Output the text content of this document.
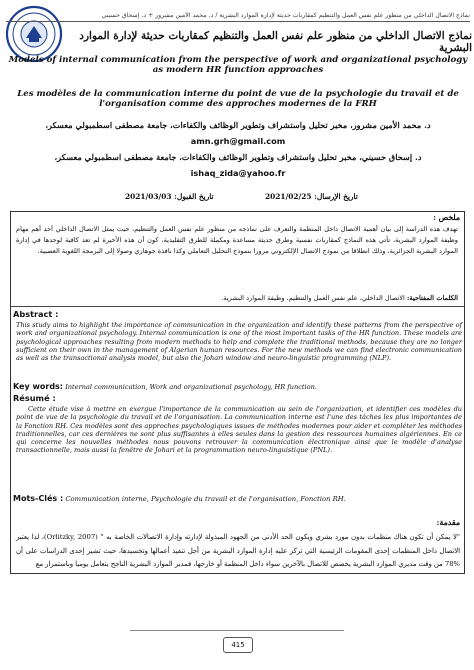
نماذج الاتصال الداخلي من منظور علم نفس العمل والتنظيم كمقاربات حديثة لإدارة الموارد البشرية / د. محمد الأمين مشرور + د. إسحاق حسيني
نماذج الاتصال الداخلي من منظور علم نفس العمل والتنظيم كمقاربات حديثة لإدارة الموارد البشرية
Models of internal communication from the perspective of work and organizational psychology as modern HR function approaches
Les modèles de la communication interne du point de vue de la psychologie du travail et de l'organisation comme des approches modernes de la FRH
د. محمد الأمين مشرور، مخبر تحليل واستشراف وتطوير الوظائف والكفاءات، جامعة مصطفى اسطمبولي معسكر،
amn.grh@gmail.com
د. إسحاق حسيني، مخبر تحليل واستشراف وتطوير الوظائف والكفاءات، جامعة مصطفى اسطمبولي معسكر،
ishaq_zida@yahoo.fr
تاريخ القبول: 2021/03/03	تاريخ الإرسال: 2021/02/25
ملخص :
تهدف هذه الدراسة إلى بيان أهمية الاتصال داخل المنظمة والتعرف على نماذجه من منظور علم نفس العمل والتنظيم، حيث يمثل الاتصال الداخلي أحد أهم مهام وظيفة الموارد البشرية، تأتي هذه النماذج كمقاربات نفسية وطرق حديثة مساعدة ومكملة للطرق التقليدية، كون أن هذه الأخيرة لم تعد كافية لوحدها في إدارة الموارد البشرية الجزائرية، وذلك انطلاقا من نموذج الاتصال الإلكتروني مرورا بنموذج التحليل التعاملي وكذا نافذة جوهاري وصولا إلى البرمجة اللغوية العصبية.
الكلمات المفتاحية: الاتصال الداخلي، علم نفس العمل والتنظيم، وظيفة الموارد البشرية.
Abstract :
This study aims to highlight the importance of communication in the organization and identify these patterns from the perspective of work and organizational psychology. Internal communication is one of the most important tasks of the HR function. These models are psychological approaches resulting from modern methods to help and complete the traditional methods, because they are no longer sufficient on their own in the management of Algerian human resources. For the new methods we can find electronic communication as well as the transactional analysis model, but also the Johari window and neuro-linguistic programming (NLP).
Key words: Internal communication, Work and organizational psychology, HR function.
Résumé :
Cette étude vise à mettre en exergue l'importance de la communication au sein de l'organization, et identifier ces modèles du point de vue de la psychologie du travail et de l'organisation. La communication interne est l'une des tâches les plus importantes de la Fonction RH. Ces modèles sont des approches psychologiques issues de méthodes modernes pour aider et compléter les méthodes traditionnelles, car ces dernières ne sont plus suffisantes à elles seules dans la gestion des ressources humaines algériennes. En ce qui concerne les nouvelles méthodes nous pouvons retrouver la communication électronique ainsi que le modèle d'analyse transactionnelle, mais aussi la fenêtre de Johari et la programmation neuro-linguistique (PNL).
Mots-Clés : Communication interne, Psychologie du travail et de l'organisation, Fonction RH.
مقدمة:
"لا يمكن أن تكون هناك منظمات بدون مورد بشري ويكون الحد الأدنى من الجهود المبذولة لإدارته وإدارة الاتصالات الخاصة به " (Orlitzky, 2007)، لذا يعتبر الاتصال داخل المنظمات إحدى المقومات الرئيسية التي تركز عليه إدارة الموارد البشرية من أجل تنفيذ أعمالها وتجسيدها، حيث تشير إحدى الدراسات على أن %78 من وقت مديري الموارد البشرية يخصص للاتصال بالآخرين سواء داخل المنظمة أو خارجها، فمدير الموارد البشرية الناجح يتعامل يوميا وباستمرار مع
415
